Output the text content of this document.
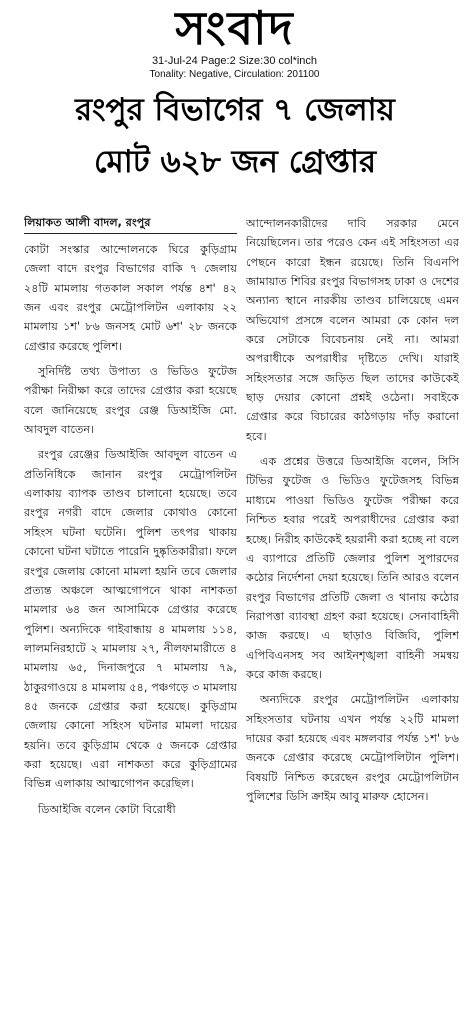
সংবাদ
31-Jul-24 Page:2 Size:30 col*inch
Tonality: Negative, Circulation: 201100
রংপুর বিভাগের ৭ জেলায়
মোট ৬২৮ জন গ্রেপ্তার
লিয়াকত আলী বাদল, রংপুর

কোটা সংস্কার আন্দোলনকে ঘিরে কুড়িগ্রাম জেলা বাদে রংপুর বিভাগের বাকি ৭ জেলায় ২৪টি মামলায় গতকাল সকাল পর্যন্ত ৪শ' ৪২ জন এবং রংপুর মেট্রোপলিটন এলাকায় ২২ মামলায় ১শ' ৮৬ জনসহ মোট ৬শ' ২৮ জনকে গ্রেপ্তার করেছে পুলিশ।

সুনির্দিষ্ট তথ্য উপাত্য ও ভিডিও ফুটেজ পরীক্ষা নিরীক্ষা করে তাদের গ্রেপ্তার করা হয়েছে বলে জানিয়েছে রংপুর রেঞ্জ ডিআইজি মো. আবদুল বাতেন।

রংপুর রেঞ্জের ডিআইজি আবদুল বাতেন এ প্রতিনিধিকে জানান রংপুর মেট্রোপলিটন এলাকায় ব্যাপক তাণ্ডব চালানো হয়েছে। তবে রংপুর নগরী বাদে জেলার কোথাও কোনো সহিংস ঘটনা ঘটেনি। পুলিশ তৎপর থাকায় কোনো ঘটনা ঘটাতে পারেনি দুষ্কৃতিকারীরা। ফলে রংপুর জেলায় কোনো মামলা হয়নি তবে জেলার প্রত্যন্ত অঞ্চলে আত্মগোপনে থাকা নাশকতা মামলার ৬৪ জন আসামিকে গ্রেপ্তার করেছে পুলিশ। অন্যদিকে গাইবান্ধায় ৪ মামলায় ১১৪, লালমনিরহাটে ২ মামলায় ২৭, নীলফামারীতে ৪ মামলায় ৬৫, দিনাজপুরে ৭ মামলায় ৭৯, ঠাকুরগাওয়ে ৪ মামলায় ৫৪, পঞ্চগড়ে ৩ মামলায় ৪৫ জনকে গ্রেপ্তার করা হয়েছে। কুড়িগ্রাম জেলায় কোনো সহিংস ঘটনার মামলা দায়ের হয়নি। তবে কুড়িগ্রাম থেকে ৫ জনকে গ্রেপ্তার করা হয়েছে। এরা নাশকতা করে কুড়িগ্রামের বিভিন্ন এলাকায় আত্মগোপন করেছিল।

ডিআইজি বলেন কোটা বিরোধী

আন্দোলনকারীদের দাবি সরকার মেনে নিয়েছিলেন। তার পরেও কেন এই সহিংসতা এর পেছনে কারো ইন্ধন রয়েছে। তিনি বিএনপি জামায়াত শিবির রংপুর বিভাগসহ ঢাকা ও দেশের অন্যান্য স্থানে নারকীয় তাণ্ডব চালিয়েছে এমন অভিযোগ প্রসঙ্গে বলেন আমরা কে কোন দল করে সেটাকে বিবেচনায় নেই না। আমরা অপরাধীকে অপরাধীর দৃষ্টিতে দেখি। যারাই সহিংসতার সঙ্গে জড়িত ছিল তাদের কাউকেই ছাড় দেয়ার কোনো প্রশ্নই ওঠেনা। সবাইকে গ্রেপ্তার করে বিচারের কাঠগড়ায় দাঁড় করানো হবে।

এক প্রশ্নের উত্তরে ডিআইজি বলেন, সিসি টিভির ফুটেজ ও ভিডিও ফুটেজসহ বিভিন্ন মাধ্যমে পাওয়া ভিডিও ফুটেজ পরীক্ষা করে নিশ্চিত হবার পরেই অপরাধীদের গ্রেপ্তার করা হচ্ছে। নিরীহ কাউকেই হয়রানী করা হচ্ছে না বলে এ ব্যাপারে প্রতিটি জেলার পুলিশ সুপারদের কঠোর নির্দেশনা দেয়া হয়েছে। তিনি আরও বলেন রংপুর বিভাগের প্রতিটি জেলা ও থানায় কঠোর নিরাপত্তা ব্যাবস্থা গ্রহণ করা হয়েছে। সেনাবাহিনী কাজ করছে। এ ছাড়াও বিজিবি, পুলিশ এপিবিএনসহ সব আইনশৃঙ্খলা বাহিনী সমন্বয় করে কাজ করছে।

অন্যদিকে রংপুর মেট্রোপলিটন এলাকায় সহিংসতার ঘটনায় এখন পর্যন্ত ২২টি মামলা দায়ের করা হয়েছে এবং মঙ্গলবার পর্যন্ত ১শ' ৮৬ জনকে গ্রেপ্তার করেছে মেট্রোপলিটান পুলিশ। বিষয়টি নিশ্চিত করেছেন রংপুর মেট্রোপলিটান পুলিশের ডিসি ক্রাইম আবু মারুফ হোসেন।
